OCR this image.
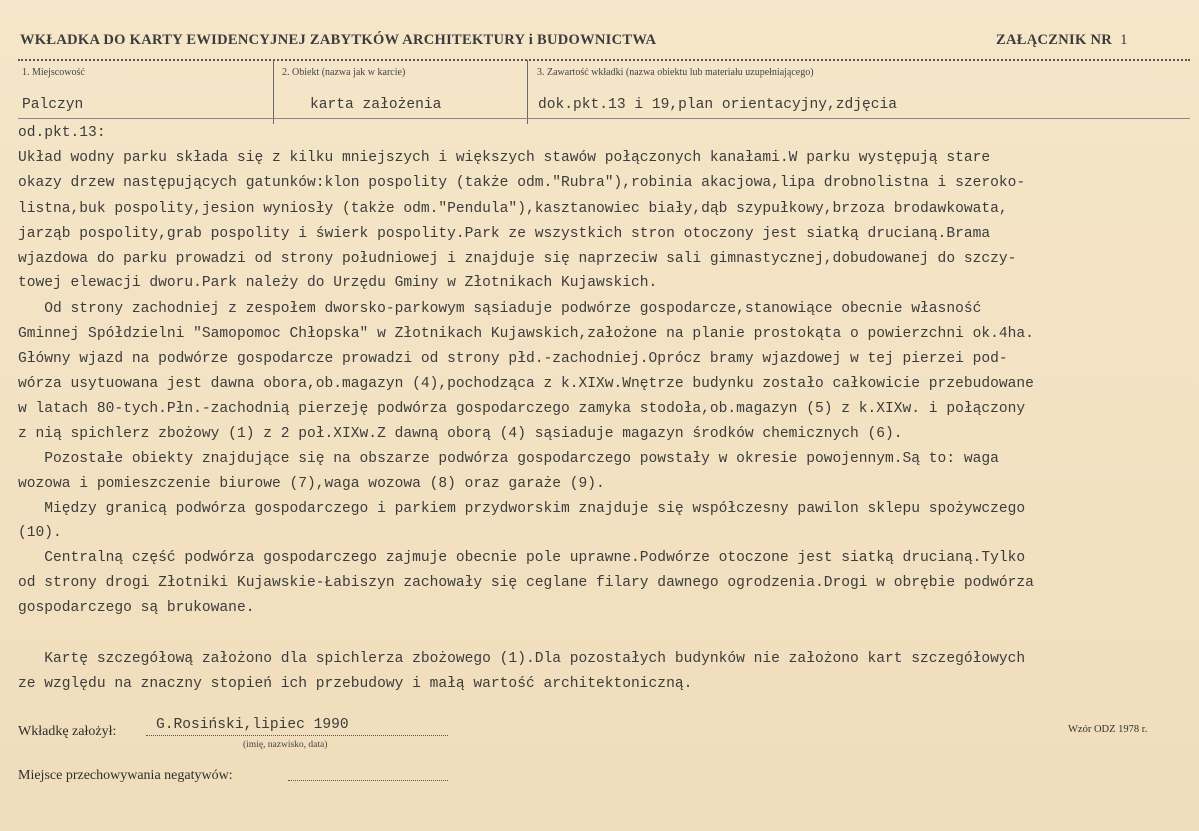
WKŁADKA DO KARTY EWIDENCYJNEJ ZABYTKÓW ARCHITEKTURY i BUDOWNICTWA	ZAŁĄCZNIK NR 1
1. Miejscowość	2. Obiekt (nazwa jak w karcie)	3. Zawartość wkładki (nazwa obiektu lub materiału uzupełniającego)
Palczyn	karta założenia	dok.pkt.13 i 19,plan orientacyjny,zdjęcia
od.pkt.13:
Układ wodny parku składa się z kilku mniejszych i większych stawów połączonych kanałami.W parku występują stare
okazy drzew następujących gatunków:klon pospolity (także odm."Rubra"),robinia akacjowa,lipa drobnolistna i szeroko-
listna,buk pospolity,jesion wyniosły (także odm."Pendula"),kasztanowiec biały,dąb szypułkowy,brzoza brodawkowata,
jarząb pospolity,grab pospolity i świerk pospolity.Park ze wszystkich stron otoczony jest siatką drucianą.Brama
wjazdowa do parku prowadzi od strony południowej i znajduje się naprzeciw sali gimnastycznej,dobudowanej do szczy-
towej elewacji dworu.Park należy do Urzędu Gminy w Złotnikach Kujawskich.
Od strony zachodniej z zespołem dworsko-parkowym sąsiaduje podwórze gospodarcze,stanowiące obecnie własność
Gminnej Spółdzielni "Samopomoc Chłopska" w Złotnikach Kujawskich,założone na planie prostokąta o powierzchni ok.4ha.
Główny wjazd na podwórze gospodarcze prowadzi od strony płd.-zachodniej.Oprócz bramy wjazdowej w tej pierzei pod-
wórza usytuowana jest dawna obora,ob.magazyn (4),pochodząca z k.XIXw.Wnętrze budynku zostało całkowicie przebudowane
w latach 80-tych.Płn.-zachodnią pierzeję podwórza gospodarczego zamyka stodoła,ob.magazyn (5) z k.XIXw. i połączony
z nią spichlerz zbożowy (1) z 2 poł.XIXw.Z dawną oborą (4) sąsiaduje magazyn środków chemicznych (6).
Pozostałe obiekty znajdujące się na obszarze podwórza gospodarczego powstały w okresie powojennym.Są to: waga
wozowa i pomieszczenie biurowe (7),waga wozowa (8) oraz garaże (9).
Między granicą podwórza gospodarczego i parkiem przydworskim znajduje się współczesny pawilon sklepu spożywczego
(10).
Centralną część podwórza gospodarczego zajmuje obecnie pole uprawne.Podwórze otoczone jest siatką drucianą.Tylko
od strony drogi Złotniki Kujawskie-Łabiszyn zachowały się ceglane filary dawnego ogrodzenia.Drogi w obrębie podwórza
gospodarczego są brukowane.
Kartę szczegółową założono dla spichlerza zbożowego (1).Dla pozostałych budynków nie założono kart szczegółowych
ze względu na znaczny stopień ich przebudowy i małą wartość architektoniczną.
Wkładkę założył:	G.Rosiński,lipiec 1990
(imię, nazwisko, data)
Wzór ODZ 1978 r.
Miejsce przechowywania negatywów:
